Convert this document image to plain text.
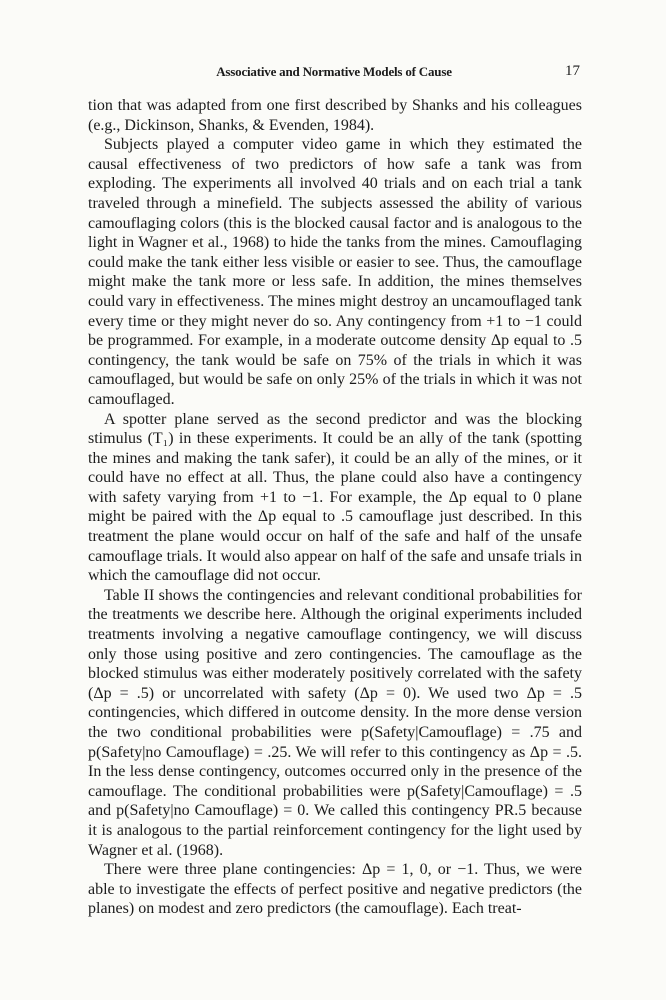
Associative and Normative Models of Cause	17

tion that was adapted from one first described by Shanks and his colleagues (e.g., Dickinson, Shanks, & Evenden, 1984).

Subjects played a computer video game in which they estimated the causal effectiveness of two predictors of how safe a tank was from exploding. The experiments all involved 40 trials and on each trial a tank traveled through a minefield. The subjects assessed the ability of various camouflaging colors (this is the blocked causal factor and is analogous to the light in Wagner et al., 1968) to hide the tanks from the mines. Camouflaging could make the tank either less visible or easier to see. Thus, the camouflage might make the tank more or less safe. In addition, the mines themselves could vary in effectiveness. The mines might destroy an uncamouflaged tank every time or they might never do so. Any contingency from +1 to −1 could be programmed. For example, in a moderate outcome density Δp equal to .5 contingency, the tank would be safe on 75% of the trials in which it was camouflaged, but would be safe on only 25% of the trials in which it was not camouflaged.

A spotter plane served as the second predictor and was the blocking stimulus (T₁) in these experiments. It could be an ally of the tank (spotting the mines and making the tank safer), it could be an ally of the mines, or it could have no effect at all. Thus, the plane could also have a contingency with safety varying from +1 to −1. For example, the Δp equal to 0 plane might be paired with the Δp equal to .5 camouflage just described. In this treatment the plane would occur on half of the safe and half of the unsafe camouflage trials. It would also appear on half of the safe and unsafe trials in which the camouflage did not occur.

Table II shows the contingencies and relevant conditional probabilities for the treatments we describe here. Although the original experiments included treatments involving a negative camouflage contingency, we will discuss only those using positive and zero contingencies. The camouflage as the blocked stimulus was either moderately positively correlated with the safety (Δp = .5) or uncorrelated with safety (Δp = 0). We used two Δp = .5 contingencies, which differed in outcome density. In the more dense version the two conditional probabilities were p(Safety|Camouflage) = .75 and p(Safety|no Camouflage) = .25. We will refer to this contingency as Δp = .5. In the less dense contingency, outcomes occurred only in the presence of the camouflage. The conditional probabilities were p(Safety|Camouflage) = .5 and p(Safety|no Camouflage) = 0. We called this contingency PR.5 because it is analogous to the partial reinforcement contingency for the light used by Wagner et al. (1968).

There were three plane contingencies: Δp = 1, 0, or −1. Thus, we were able to investigate the effects of perfect positive and negative predictors (the planes) on modest and zero predictors (the camouflage). Each treat-
